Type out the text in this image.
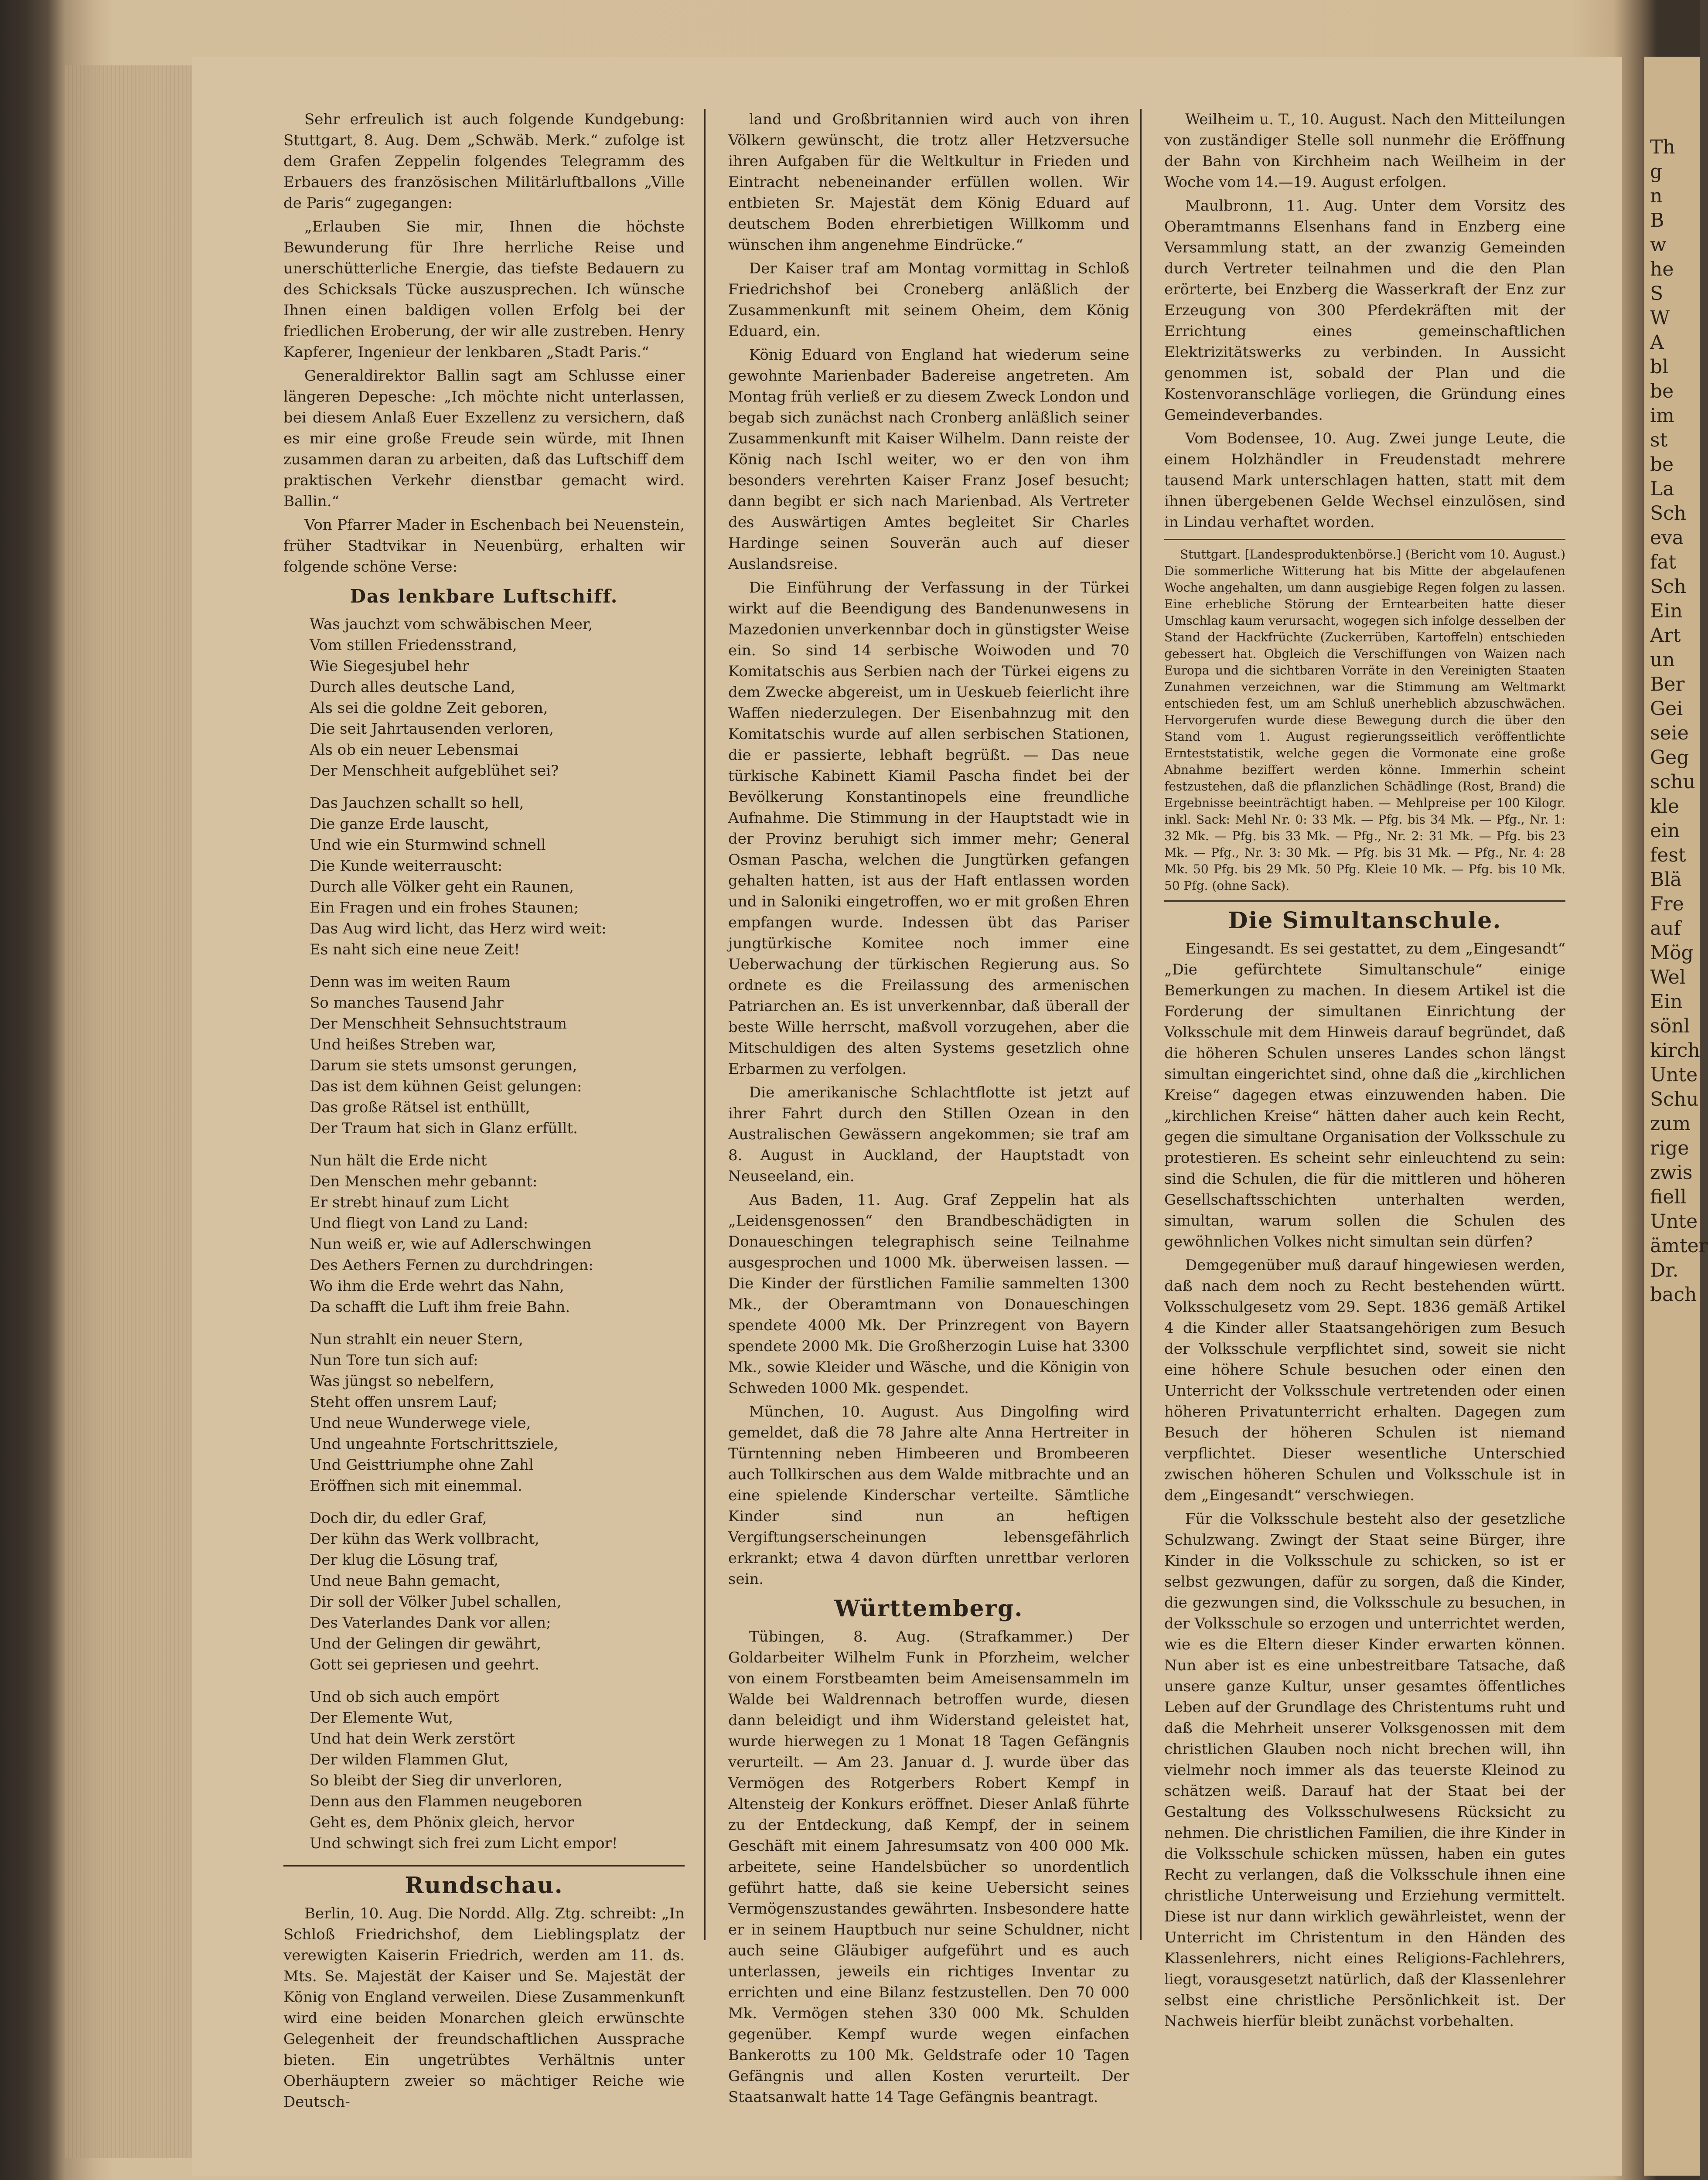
Sehr erfreulich ist auch folgende Kundgebung: Stuttgart, 8. Aug. Dem „Schwäb. Merk.“ zufolge ist dem Grafen Zeppelin folgendes Telegramm des Erbauers des französischen Militärluftballons „Ville de Paris“ zugegangen:

„Erlauben Sie mir, Ihnen die höchste Bewunderung für Ihre herrliche Reise und unerschütterliche Energie, das tiefste Bedauern zu des Schicksals Tücke auszusprechen. Ich wünsche Ihnen einen baldigen vollen Erfolg bei der friedlichen Eroberung, der wir alle zustreben. Henry Kapferer, Ingenieur der lenkbaren „Stadt Paris.“

Generaldirektor Ballin sagt am Schlusse einer längeren Depesche: „Ich möchte nicht unterlassen, bei diesem Anlaß Euer Exzellenz zu versichern, daß es mir eine große Freude sein würde, mit Ihnen zusammen daran zu arbeiten, daß das Luftschiff dem praktischen Verkehr dienstbar gemacht wird. Ballin.“

Von Pfarrer Mader in Eschenbach bei Neuenstein, früher Stadtvikar in Neuenbürg, erhalten wir folgende schöne Verse:

Das lenkbare Luftschiff.
Was jauchzt vom schwäbischen Meer,
Vom stillen Friedensstrand,
Wie Siegesjubel hehr
Durch alles deutsche Land,
Als sei die goldne Zeit geboren,
Die seit Jahrtausenden verloren,
Als ob ein neuer Lebensmai
Der Menschheit aufgeblühet sei?
Das Jauchzen schallt so hell,
Die ganze Erde lauscht,
Und wie ein Sturmwind schnell
Die Kunde weiterrauscht:
Durch alle Völker geht ein Raunen,
Ein Fragen und ein frohes Staunen;
Das Aug wird licht, das Herz wird weit:
Es naht sich eine neue Zeit!
Denn was im weiten Raum
So manches Tausend Jahr
Der Menschheit Sehnsuchtstraum
Und heißes Streben war,
Darum sie stets umsonst gerungen,
Das ist dem kühnen Geist gelungen:
Das große Rätsel ist enthüllt,
Der Traum hat sich in Glanz erfüllt.
Nun hält die Erde nicht
Den Menschen mehr gebannt:
Er strebt hinauf zum Licht
Und fliegt von Land zu Land:
Nun weiß er, wie auf Adlerschwingen
Des Aethers Fernen zu durchdringen:
Wo ihm die Erde wehrt das Nahn,
Da schafft die Luft ihm freie Bahn.
Nun strahlt ein neuer Stern,
Nun Tore tun sich auf:
Was jüngst so nebelfern,
Steht offen unsrem Lauf;
Und neue Wunderwege viele,
Und ungeahnte Fortschrittsziele,
Und Geisttriumphe ohne Zahl
Eröffnen sich mit einemmal.
Doch dir, du edler Graf,
Der kühn das Werk vollbracht,
Der klug die Lösung traf,
Und neue Bahn gemacht,
Dir soll der Völker Jubel schallen,
Des Vaterlandes Dank vor allen;
Und der Gelingen dir gewährt,
Gott sei gepriesen und geehrt.
Und ob sich auch empört
Der Elemente Wut,
Und hat dein Werk zerstört
Der wilden Flammen Glut,
So bleibt der Sieg dir unverloren,
Denn aus den Flammen neugeboren
Geht es, dem Phönix gleich, hervor
Und schwingt sich frei zum Licht empor!
Rundschau.

Berlin, 10. Aug. Die Nordd. Allg. Ztg. schreibt: „In Schloß Friedrichshof, dem Lieblingsplatz der verewigten Kaiserin Friedrich, werden am 11. ds. Mts. Se. Majestät der Kaiser und Se. Majestät der König von England verweilen. Diese Zusammenkunft wird eine beiden Monarchen gleich erwünschte Gelegenheit der freundschaftlichen Aussprache bieten. Ein ungetrübtes Verhältnis unter Oberhäuptern zweier so mächtiger Reiche wie Deutsch-

land und Großbritannien wird auch von ihren Völkern gewünscht, die trotz aller Hetzversuche ihren Aufgaben für die Weltkultur in Frieden und Eintracht nebeneinander erfüllen wollen. Wir entbieten Sr. Majestät dem König Eduard auf deutschem Boden ehrerbietigen Willkomm und wünschen ihm angenehme Eindrücke.“

Der Kaiser traf am Montag vormittag in Schloß Friedrichshof bei Croneberg anläßlich der Zusammenkunft mit seinem Oheim, dem König Eduard, ein.

König Eduard von England hat wiederum seine gewohnte Marienbader Badereise angetreten. Am Montag früh verließ er zu diesem Zweck London und begab sich zunächst nach Cronberg anläßlich seiner Zusammenkunft mit Kaiser Wilhelm. Dann reiste der König nach Ischl weiter, wo er den von ihm besonders verehrten Kaiser Franz Josef besucht; dann begibt er sich nach Marienbad. Als Vertreter des Auswärtigen Amtes begleitet Sir Charles Hardinge seinen Souverän auch auf dieser Auslandsreise.

Die Einführung der Verfassung in der Türkei wirkt auf die Beendigung des Bandenunwesens in Mazedonien unverkennbar doch in günstigster Weise ein. So sind 14 serbische Woiwoden und 70 Komitatschis aus Serbien nach der Türkei eigens zu dem Zwecke abgereist, um in Ueskueb feierlicht ihre Waffen niederzulegen. Der Eisenbahnzug mit den Komitatschis wurde auf allen serbischen Stationen, die er passierte, lebhaft begrüßt. — Das neue türkische Kabinett Kiamil Pascha findet bei der Bevölkerung Konstantinopels eine freundliche Aufnahme. Die Stimmung in der Hauptstadt wie in der Provinz beruhigt sich immer mehr; General Osman Pascha, welchen die Jungtürken gefangen gehalten hatten, ist aus der Haft entlassen worden und in Saloniki eingetroffen, wo er mit großen Ehren empfangen wurde. Indessen übt das Pariser jungtürkische Komitee noch immer eine Ueberwachung der türkischen Regierung aus. So ordnete es die Freilassung des armenischen Patriarchen an. Es ist unverkennbar, daß überall der beste Wille herrscht, maßvoll vorzugehen, aber die Mitschuldigen des alten Systems gesetzlich ohne Erbarmen zu verfolgen.

Die amerikanische Schlachtflotte ist jetzt auf ihrer Fahrt durch den Stillen Ozean in den Australischen Gewässern angekommen; sie traf am 8. August in Auckland, der Hauptstadt von Neuseeland, ein.

Aus Baden, 11. Aug. Graf Zeppelin hat als „Leidensgenossen“ den Brandbeschädigten in Donaueschingen telegraphisch seine Teilnahme ausgesprochen und 1000 Mk. überweisen lassen. — Die Kinder der fürstlichen Familie sammelten 1300 Mk., der Oberamtmann von Donaueschingen spendete 4000 Mk. Der Prinzregent von Bayern spendete 2000 Mk. Die Großherzogin Luise hat 3300 Mk., sowie Kleider und Wäsche, und die Königin von Schweden 1000 Mk. gespendet.

München, 10. August. Aus Dingolfing wird gemeldet, daß die 78 Jahre alte Anna Hertreiter in Türntenning neben Himbeeren und Brombeeren auch Tollkirschen aus dem Walde mitbrachte und an eine spielende Kinderschar verteilte. Sämtliche Kinder sind nun an heftigen Vergiftungserscheinungen lebensgefährlich erkrankt; etwa 4 davon dürften unrettbar verloren sein.

Württemberg.

Tübingen, 8. Aug. (Strafkammer.) Der Goldarbeiter Wilhelm Funk in Pforzheim, welcher von einem Forstbeamten beim Ameisensammeln im Walde bei Waldrennach betroffen wurde, diesen dann beleidigt und ihm Widerstand geleistet hat, wurde hierwegen zu 1 Monat 18 Tagen Gefängnis verurteilt. — Am 23. Januar d. J. wurde über das Vermögen des Rotgerbers Robert Kempf in Altensteig der Konkurs eröffnet. Dieser Anlaß führte zu der Entdeckung, daß Kempf, der in seinem Geschäft mit einem Jahresumsatz von 400 000 Mk. arbeitete, seine Handelsbücher so unordentlich geführt hatte, daß sie keine Uebersicht seines Vermögenszustandes gewährten. Insbesondere hatte er in seinem Hauptbuch nur seine Schuldner, nicht auch seine Gläubiger aufgeführt und es auch unterlassen, jeweils ein richtiges Inventar zu errichten und eine Bilanz festzustellen. Den 70 000 Mk. Vermögen stehen 330 000 Mk. Schulden gegenüber. Kempf wurde wegen einfachen Bankerotts zu 100 Mk. Geldstrafe oder 10 Tagen Gefängnis und allen Kosten verurteilt. Der Staatsanwalt hatte 14 Tage Gefängnis beantragt.

Weilheim u. T., 10. August. Nach den Mitteilungen von zuständiger Stelle soll nunmehr die Eröffnung der Bahn von Kirchheim nach Weilheim in der Woche vom 14.—19. August erfolgen.

Maulbronn, 11. Aug. Unter dem Vorsitz des Oberamtmanns Elsenhans fand in Enzberg eine Versammlung statt, an der zwanzig Gemeinden durch Vertreter teilnahmen und die den Plan erörterte, bei Enzberg die Wasserkraft der Enz zur Erzeugung von 300 Pferdekräften mit der Errichtung eines gemeinschaftlichen Elektrizitätswerks zu verbinden. In Aussicht genommen ist, sobald der Plan und die Kostenvoranschläge vorliegen, die Gründung eines Gemeindeverbandes.

Vom Bodensee, 10. Aug. Zwei junge Leute, die einem Holzhändler in Freudenstadt mehrere tausend Mark unterschlagen hatten, statt mit dem ihnen übergebenen Gelde Wechsel einzulösen, sind in Lindau verhaftet worden.

Stuttgart. [Landesproduktenbörse.] (Bericht vom 10. August.) Die sommerliche Witterung hat bis Mitte der abgelaufenen Woche angehalten, um dann ausgiebige Regen folgen zu lassen. Eine erhebliche Störung der Erntearbeiten hatte dieser Umschlag kaum verursacht, wogegen sich infolge desselben der Stand der Hackfrüchte (Zuckerrüben, Kartoffeln) entschieden gebessert hat. Obgleich die Verschiffungen von Waizen nach Europa und die sichtbaren Vorräte in den Vereinigten Staaten Zunahmen verzeichnen, war die Stimmung am Weltmarkt entschieden fest, um am Schluß unerheblich abzuschwächen. Hervorgerufen wurde diese Bewegung durch die über den Stand vom 1. August regierungsseitlich veröffentlichte Ernteststatistik, welche gegen die Vormonate eine große Abnahme beziffert werden könne. Immerhin scheint festzustehen, daß die pflanzlichen Schädlinge (Rost, Brand) die Ergebnisse beeinträchtigt haben. — Mehlpreise per 100 Kilogr. inkl. Sack: Mehl Nr. 0: 33 Mk. — Pfg. bis 34 Mk. — Pfg., Nr. 1: 32 Mk. — Pfg. bis 33 Mk. — Pfg., Nr. 2: 31 Mk. — Pfg. bis 23 Mk. — Pfg., Nr. 3: 30 Mk. — Pfg. bis 31 Mk. — Pfg., Nr. 4: 28 Mk. 50 Pfg. bis 29 Mk. 50 Pfg. Kleie 10 Mk. — Pfg. bis 10 Mk. 50 Pfg. (ohne Sack).

Die Simultanschule.

Eingesandt. Es sei gestattet, zu dem „Eingesandt“ „Die gefürchtete Simultanschule“ einige Bemerkungen zu machen. In diesem Artikel ist die Forderung der simultanen Einrichtung der Volksschule mit dem Hinweis darauf begründet, daß die höheren Schulen unseres Landes schon längst simultan eingerichtet sind, ohne daß die „kirchlichen Kreise“ dagegen etwas einzuwenden haben. Die „kirchlichen Kreise“ hätten daher auch kein Recht, gegen die simultane Organisation der Volksschule zu protestieren. Es scheint sehr einleuchtend zu sein: sind die Schulen, die für die mittleren und höheren Gesellschaftsschichten unterhalten werden, simultan, warum sollen die Schulen des gewöhnlichen Volkes nicht simultan sein dürfen?

Demgegenüber muß darauf hingewiesen werden, daß nach dem noch zu Recht bestehenden württ. Volksschulgesetz vom 29. Sept. 1836 gemäß Artikel 4 die Kinder aller Staatsangehörigen zum Besuch der Volksschule verpflichtet sind, soweit sie nicht eine höhere Schule besuchen oder einen den Unterricht der Volksschule vertretenden oder einen höheren Privatunterricht erhalten. Dagegen zum Besuch der höheren Schulen ist niemand verpflichtet. Dieser wesentliche Unterschied zwischen höheren Schulen und Volksschule ist in dem „Eingesandt“ verschwiegen.

Für die Volksschule besteht also der gesetzliche Schulzwang. Zwingt der Staat seine Bürger, ihre Kinder in die Volksschule zu schicken, so ist er selbst gezwungen, dafür zu sorgen, daß die Kinder, die gezwungen sind, die Volksschule zu besuchen, in der Volksschule so erzogen und unterrichtet werden, wie es die Eltern dieser Kinder erwarten können. Nun aber ist es eine unbestreitbare Tatsache, daß unsere ganze Kultur, unser gesamtes öffentliches Leben auf der Grundlage des Christentums ruht und daß die Mehrheit unserer Volksgenossen mit dem christlichen Glauben noch nicht brechen will, ihn vielmehr noch immer als das teuerste Kleinod zu schätzen weiß. Darauf hat der Staat bei der Gestaltung des Volksschulwesens Rücksicht zu nehmen. Die christlichen Familien, die ihre Kinder in die Volksschule schicken müssen, haben ein gutes Recht zu verlangen, daß die Volksschule ihnen eine christliche Unterweisung und Erziehung vermittelt. Diese ist nur dann wirklich gewährleistet, wenn der Unterricht im Christentum in den Händen des Klassenlehrers, nicht eines Religions-Fachlehrers, liegt, vorausgesetzt natürlich, daß der Klassenlehrer selbst eine christliche Persönlichkeit ist. Der Nachweis hierfür bleibt zunächst vorbehalten.

Th
g
n
B
w
he
S
W
A
bl
be
im
st
be
La
Sch
eva
fat
Sch
Ein
Art
un
Ber
Gei
seie
Geg
schu
kle
ein
fest
Blä
Fre
auf
Mög
Wel
Ein
sönl
kirch
Unte
Schu
zum
rige
zwis
fiell
Unte
ämter
Dr.
bach
